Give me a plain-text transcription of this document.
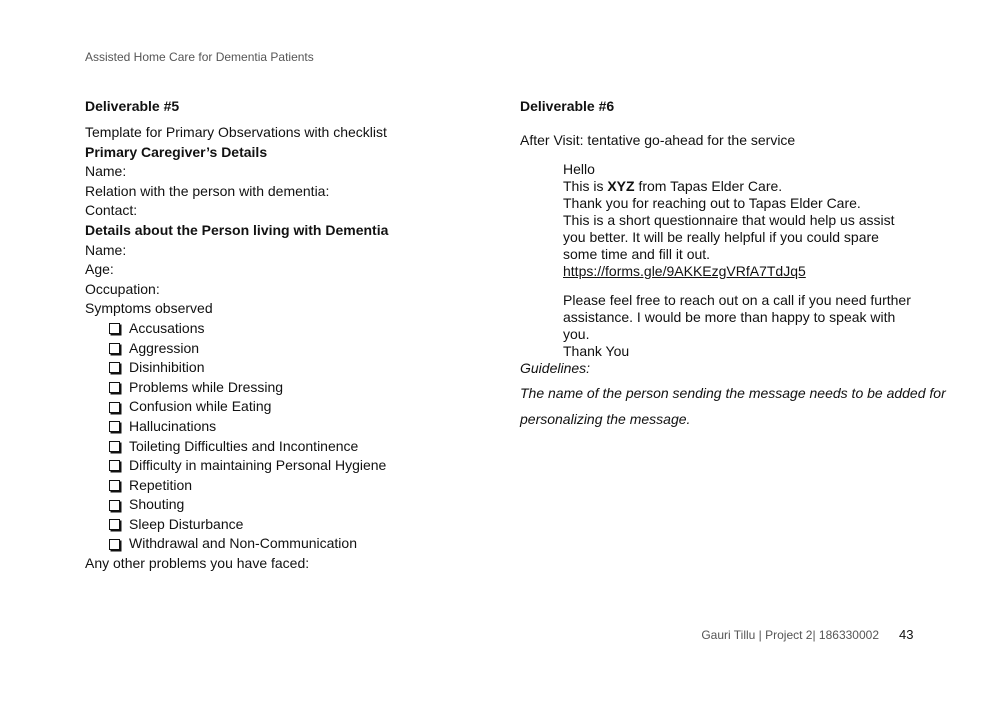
Assisted Home Care for Dementia Patients
Deliverable #5
Template for Primary Observations with checklist
Primary Caregiver’s Details
Name:
Relation with the person with dementia:
Contact:
Details about the Person living with Dementia
Name:
Age:
Occupation:
Symptoms observed
Accusations
Aggression
Disinhibition
Problems while Dressing
Confusion while Eating
Hallucinations
Toileting Difficulties and Incontinence
Difficulty in maintaining Personal Hygiene
Repetition
Shouting
Sleep Disturbance
Withdrawal and Non-Communication
Any other problems you have faced:
Deliverable #6
After Visit: tentative go-ahead for the service

Hello

This is XYZ from Tapas Elder Care.

Thank you for reaching out to Tapas Elder Care.

This is a short questionnaire that would help us assist

you better. It will be really helpful if you could spare

some time and fill it out.

https://forms.gle/9AKKEzgVRfA7TdJq5

Please feel free to reach out on a call if you need further

assistance. I would be more than happy to speak with

you.

Thank You

Guidelines:
The name of the person sending the message needs to be added for
personalizing the message.
Gauri Tillu | Project 2| 186330002 43
